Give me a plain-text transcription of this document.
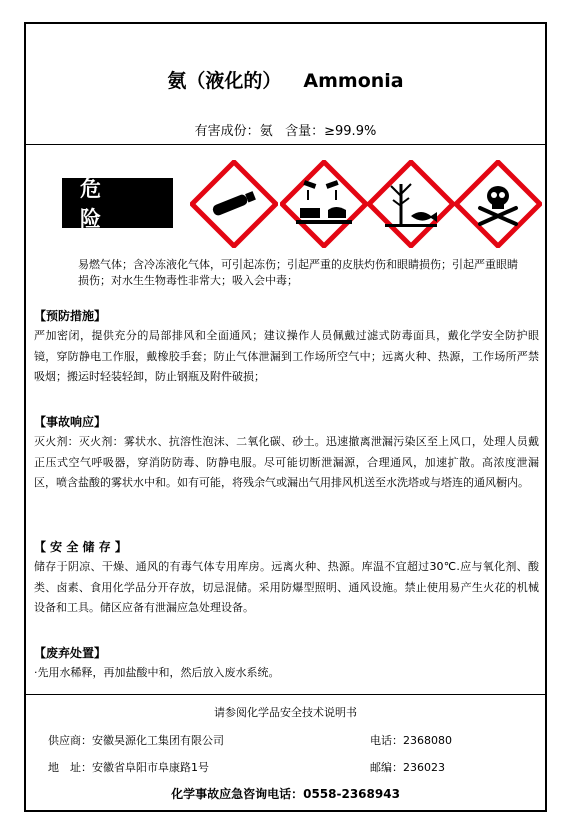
氨（液化的） Ammonia
有害成份：氨 含量：≥99.9%
危 险
易燃气体；含冷冻液化气体，可引起冻伤；引起严重的皮肤灼伤和眼睛损伤；引起严重眼睛损伤；对水生生物毒性非常大；吸入会中毒；
【预防措施】
严加密闭，提供充分的局部排风和全面通风；建议操作人员佩戴过滤式防毒面具，戴化学安全防护眼镜，穿防静电工作服，戴橡胶手套；防止气体泄漏到工作场所空气中；远离火种、热源，工作场所严禁吸烟；搬运时轻装轻卸，防止钢瓶及附件破损；
【事故响应】
灭火剂：灭火剂：雾状水、抗溶性泡沫、二氧化碳、砂土。迅速撤离泄漏污染区至上风口，处理人员戴正压式空气呼吸器，穿消防防毒、防静电服。尽可能切断泄漏源，合理通风，加速扩散。高浓度泄漏区，喷含盐酸的雾状水中和。如有可能，将残余气或漏出气用排风机送至水洗塔或与塔连的通风橱内。
【 安 全 储 存 】
储存于阴凉、干燥、通风的有毒气体专用库房。远离火种、热源。库温不宜超过30℃.应与氧化剂、酸类、卤素、食用化学品分开存放，切忌混储。采用防爆型照明、通风设施。禁止使用易产生火花的机械设备和工具。储区应备有泄漏应急处理设备。
【废弃处置】
·先用水稀释，再加盐酸中和，然后放入废水系统。
请参阅化学品安全技术说明书
供应商：安徽昊源化工集团有限公司	电话：2368080
地　址：安徽省阜阳市阜康路1号	邮编：236023
化学事故应急咨询电话：0558-2368943
